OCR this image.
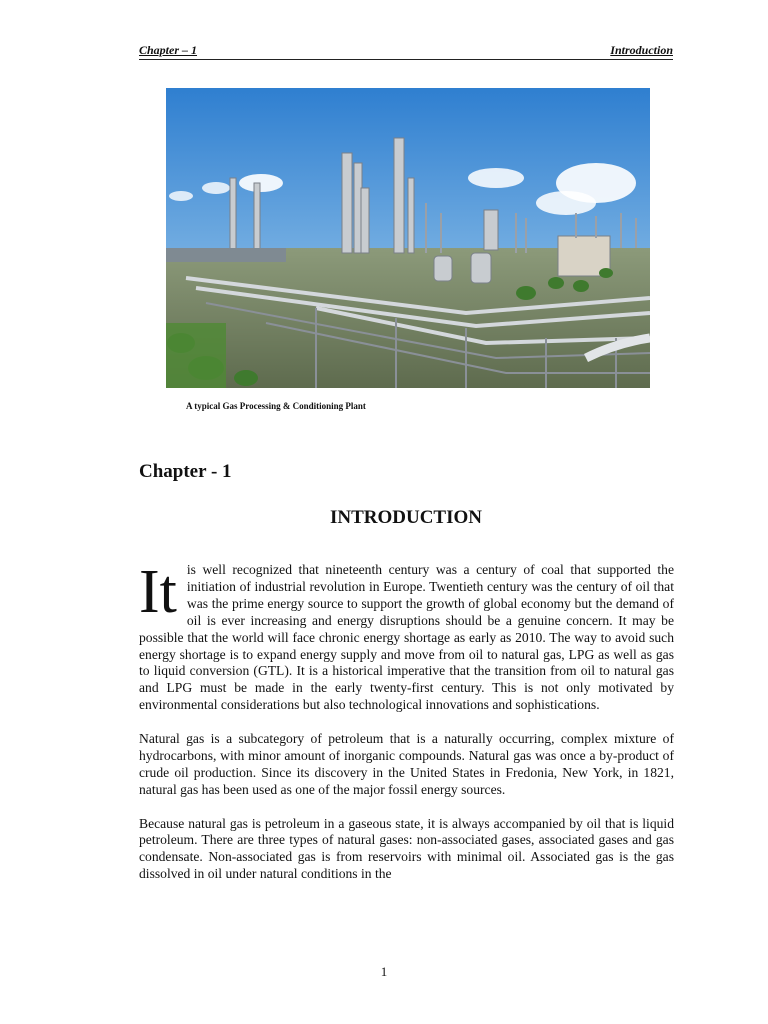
Chapter – 1	Introduction
A typical Gas Processing & Conditioning Plant
Chapter - 1
INTRODUCTION

It is well recognized that nineteenth century was a century of coal that supported the initiation of industrial revolution in Europe. Twentieth century was the century of oil that was the prime energy source to support the growth of global economy but the demand of oil is ever increasing and energy disruptions should be a genuine concern. It may be possible that the world will face chronic energy shortage as early as 2010. The way to avoid such energy shortage is to expand energy supply and move from oil to natural gas, LPG as well as gas to liquid conversion (GTL). It is a historical imperative that the transition from oil to natural gas and LPG must be made in the early twenty-first century. This is not only motivated by environmental considerations but also technological innovations and sophistications.

Natural gas is a subcategory of petroleum that is a naturally occurring, complex mixture of hydrocarbons, with minor amount of inorganic compounds. Natural gas was once a by-product of crude oil production. Since its discovery in the United States in Fredonia, New York, in 1821, natural gas has been used as one of the major fossil energy sources.

Because natural gas is petroleum in a gaseous state, it is always accompanied by oil that is liquid petroleum. There are three types of natural gases: non-associated gases, associated gases and gas condensate. Non-associated gas is from reservoirs with minimal oil. Associated gas is the gas dissolved in oil under natural conditions in the

1
